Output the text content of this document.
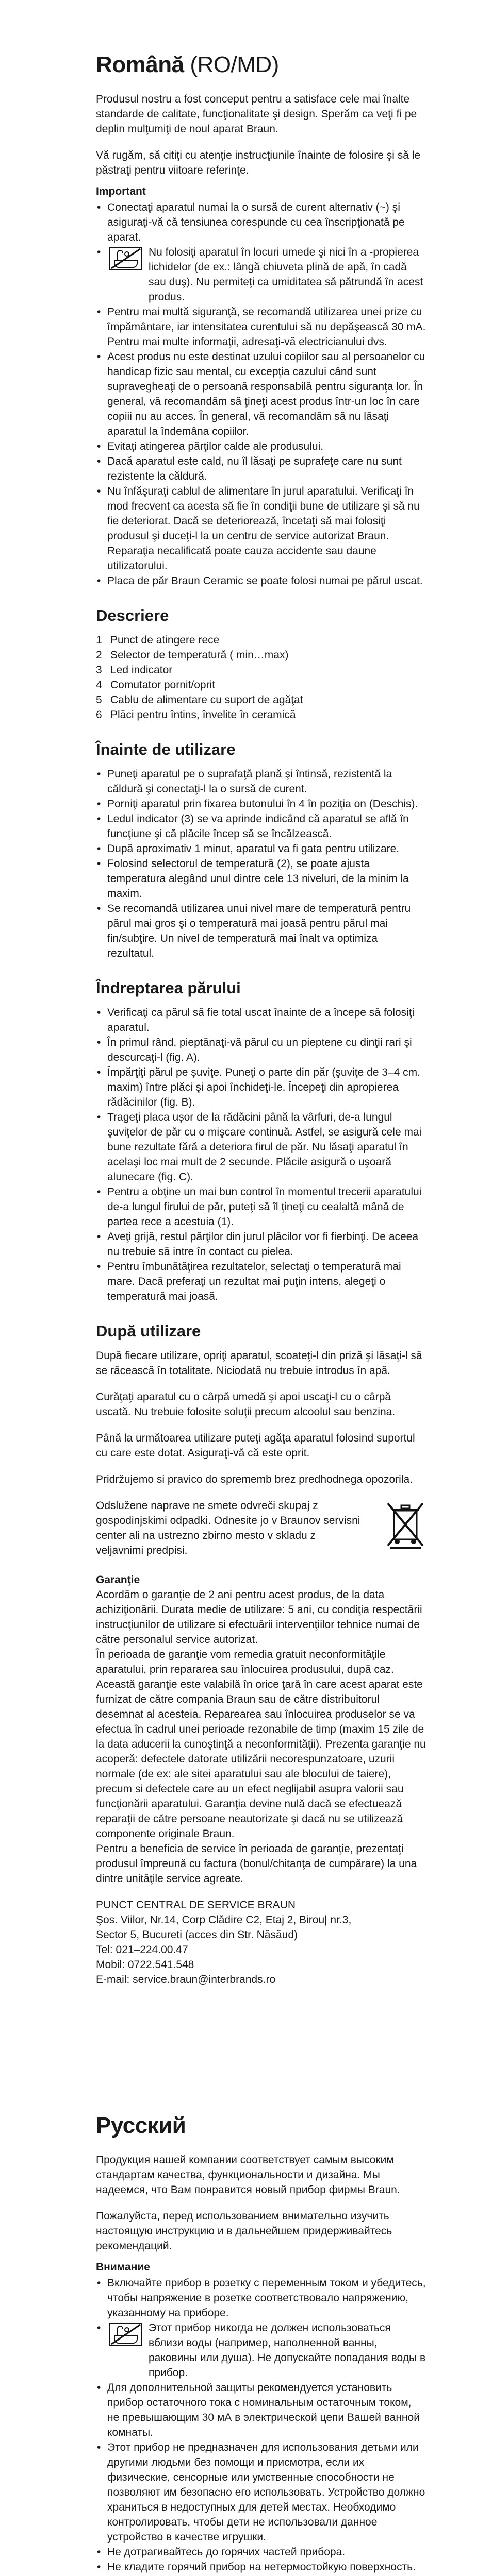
Română (RO/MD)

Produsul nostru a fost conceput pentru a satisface cele mai înalte standarde de calitate, funcţionalitate şi design. Sperăm ca veţi fi pe deplin mulţumiţi de noul aparat Braun.

Vă rugăm, să citiţi cu atenţie instrucţiunile înainte de folosire şi să le păstraţi pentru viitoare referinţe.

Important
• Conectaţi aparatul numai la o sursă de curent alternativ (~) şi asiguraţi-vă că tensiunea corespunde cu cea înscripţionată pe aparat.
• Nu folosiţi aparatul în locuri umede şi nici în a -propierea lichidelor (de ex.: lângă chiuveta plină de apă, în cadă sau duş). Nu permiteţi ca umiditatea să pătrundă în acest produs.
• Pentru mai multă siguranţă, se recomandă utilizarea unei prize cu împământare, iar intensitatea curentului să nu depăşească 30 mA. Pentru mai multe informaţii, adresaţi-vă electricianului dvs.
• Acest produs nu este destinat uzului copiilor sau al persoanelor cu handicap fizic sau mental, cu excepţia cazului când sunt supravegheaţi de o persoană responsabilă pentru siguranţa lor. În general, vă recomandăm să ţineţi acest produs într-un loc în care copiii nu au acces. În general, vă recomandăm să nu lăsaţi aparatul la îndemâna copiilor.
• Evitaţi atingerea părţilor calde ale produsului.
• Dacă aparatul este cald, nu îl lăsaţi pe suprafeţe care nu sunt rezistente la căldură.
• Nu înfăşuraţi cablul de alimentare în jurul aparatului. Verificaţi în mod frecvent ca acesta să fie în condiţii bune de utilizare şi să nu fie deteriorat. Dacă se deteriorează, încetaţi să mai folosiţi produsul şi duceţi-l la un centru de service autorizat Braun. Reparaţia necalificată poate cauza accidente sau daune utilizatorului.
• Placa de păr Braun Ceramic se poate folosi numai pe părul uscat.
Descriere
1 Punct de atingere rece
2 Selector de temperatură ( min…max)
3 Led indicator
4 Comutator pornit/oprit
5 Cablu de alimentare cu suport de agăţat
6 Plăci pentru întins, învelite în ceramică
Înainte de utilizare
• Puneţi aparatul pe o suprafaţă plană şi întinsă, rezistentă la căldură şi conectaţi-l la o sursă de curent.
• Porniţi aparatul prin fixarea butonului în 4 în poziţia on (Deschis).
• Ledul indicator (3) se va aprinde indicând că aparatul se află în funcţiune şi că plăcile încep să se încălzească.
• După aproximativ 1 minut, aparatul va fi gata pentru utilizare.
• Folosind selectorul de temperatură (2), se poate ajusta temperatura alegând unul dintre cele 13 niveluri, de la minim la maxim.
• Se recomandă utilizarea unui nivel mare de temperatură pentru părul mai gros şi o temperatură mai joasă pentru părul mai fin/subţire. Un nivel de temperatură mai înalt va optimiza rezultatul.
Îndreptarea părului
• Verificaţi ca părul să fie total uscat înainte de a începe să folosiţi aparatul.
• În primul rând, pieptănaţi-vă părul cu un pieptene cu dinţii rari şi descurcaţi-l (fig. A).
• Împărţiţi părul pe şuviţe. Puneţi o parte din păr (şuviţe de 3–4 cm. maxim) între plăci şi apoi închideţi-le. Începeţi din apropierea rădăcinilor (fig. B).
• Trageţi placa uşor de la rădăcini până la vârfuri, de-a lungul şuviţelor de păr cu o mişcare continuă. Astfel, se asigură cele mai bune rezultate fără a deteriora firul de păr. Nu lăsaţi aparatul în acelaşi loc mai mult de 2 secunde. Plăcile asigură o uşoară alunecare (fig. C).
• Pentru a obţine un mai bun control în momentul trecerii aparatului de-a lungul firului de păr, puteţi să îl ţineţi cu cealaltă mână de partea rece a acestuia (1).
• Aveţi grijă, restul părţilor din jurul plăcilor vor fi fierbinţi. De aceea nu trebuie să intre în contact cu pielea.
• Pentru îmbunătăţirea rezultatelor, selectaţi o temperatură mai mare. Dacă preferaţi un rezultat mai puţin intens, alegeţi o temperatură mai joasă.
După utilizare

După fiecare utilizare, opriţi aparatul, scoateţi-l din priză şi lăsaţi-l să se răcească în totalitate. Niciodată nu trebuie introdus în apă.

Curăţaţi aparatul cu o cârpă umedă şi apoi uscaţi-l cu o cârpă uscată. Nu trebuie folosite soluţii precum alcoolul sau benzina.

Până la următoarea utilizare puteţi agăţa aparatul folosind suportul cu care este dotat. Asiguraţi-vă că este oprit.

Pridržujemo si pravico do sprememb brez predhodnega opozorila.

Odslužene naprave ne smete odvreči skupaj z gospodinjskimi odpadki. Odnesite jo v Braunov servisni center ali na ustrezno zbirno mesto v skladu z veljavnimi predpisi.
Garanţie

Acordăm o garanţie de 2 ani pentru acest produs, de la data achiziţionării. Durata medie de utilizare: 5 ani, cu condiţia respectării instrucţiunilor de utilizare si efectuării intervenţiilor tehnice numai de către personalul service autorizat.
În perioada de garanţie vom remedia gratuit neconformităţile aparatului, prin repararea sau înlocuirea produsului, după caz. Aceastǎ garanţie este valabilǎ în orice ţarǎ în care acest aparat este furnizat de cǎtre compania Braun sau de cǎtre distribuitorul desemnat al acesteia. Reparearea sau înlocuirea produselor se va efectua în cadrul unei perioade rezonabile de timp (maxim 15 zile de la data aducerii la cunoştinţă a neconformităţii). Prezenta garanţie nu acoperă: defectele datorate utilizării necorespunzatoare, uzurii normale (de ex: ale sitei aparatului sau ale blocului de taiere), precum si defectele care au un efect neglijabil asupra valorii sau funcţionării aparatului. Garanţia devine nulǎ dacǎ se efectueazǎ reparaţii de cǎtre persoane neautorizate şi dacǎ nu se utilizeazǎ componente originale Braun.
Pentru a beneficia de service în perioada de garanţie, prezentaţi produsul împreunǎ cu factura (bonul/chitanţa de cumpǎrare) la una dintre unităţile service agreate.

PUNCT CENTRAL DE SERVICE BRAUN

Şos. Viilor, Nr.14, Corp Clădire C2, Etaj 2, Birou| nr.3,

Sector 5, Bucureti (acces din Str. Năsăud)

Tel: 021–224.00.47

Mobil: 0722.541.548

E-mail: service.braun@interbrands.ro

Русский

Продукция нашей компании соответствует самым высоким стандартам качества, функциональности и дизайна. Мы надеемся, что Вам понравится новый прибор фирмы Braun.

Пожалуйста, перед использованием внимательно изучить настоящую инструкцию и в дальнейшем придерживайтесь рекомендаций.

Внимание
• Включайте прибор в розетку с переменным током и убедитесь, чтобы напряжение в розетке соответствовало напряжению, указанному на приборе.
• Этот прибор никогда не должен использоваться вблизи воды (например, наполненной ванны, раковины или душа). Не допускайте попадания воды в прибор.
• Для дополнительной защиты рекомендуется установить прибор остаточного тока с номинальным остаточным током, не превышающим 30 мА в электрической цепи Вашей ванной комнаты.
• Этот прибор не предназначен для использования детьми или другими людьми без помощи и присмотра, если их физические, сенсорные или умственные способности не позволяют им безопасно его использовать. Устройство должно храниться в недоступных для детей местах. Необходимо контролировать, чтобы дети не использовали данное устройство в качестве игрушки.
• Не дотрагивайтесь до горячих частей прибора.
• Не кладите горячий прибор на нетермостойкую поверхность.
•
